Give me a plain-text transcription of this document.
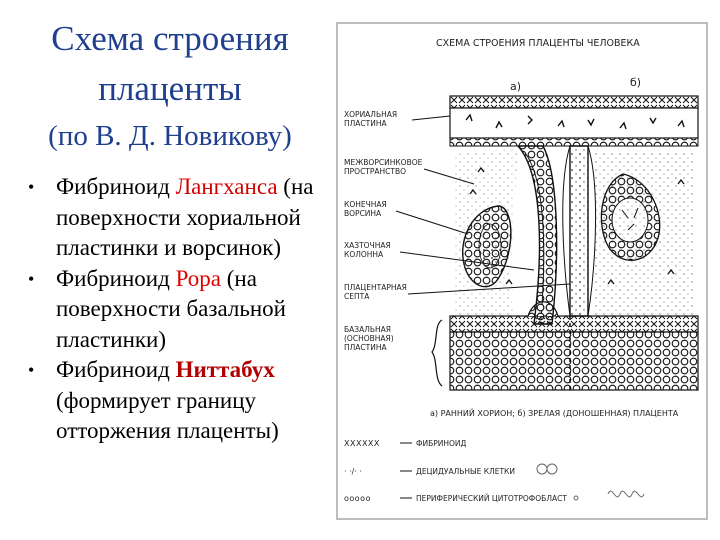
Схема строения
плаценты
(по В. Д. Новикову)
• Фибриноид Лангханса (на поверхности хориальной пластинки и ворсинок)
• Фибриноид Рора (на поверхности базальной пластинки)
• Фибриноид Ниттабух (формирует границу отторжения плаценты)
СХЕМА СТРОЕНИЯ ПЛАЦЕНТЫ ЧЕЛОВЕКА
а)	б)
ХОРИАЛЬНАЯ
ПЛАСТИНА
МЕЖВОРСИНКОВОЕ
ПРОСТРАНСТВО
КОНЕЧНАЯ
ВОРСИНА
ХАЗТОЧНАЯ
КОЛОННА
ПЛАЦЕНТАРНАЯ
СЕПТА
БАЗАЛЬНАЯ
(ОСНОВНАЯ)
ПЛАСТИНА
а) РАННИЙ ХОРИОН; б) ЗРЕЛАЯ (ДОНОШЕННАЯ) ПЛАЦЕНТА
XXXXXX	ФИБРИНОИД
· ·/· ·	ДЕЦИДУАЛЬНЫЕ КЛЕТКИ
ooooo	ПЕРИФЕРИЧЕСКИЙ ЦИТОТРОФОБЛАСТ
